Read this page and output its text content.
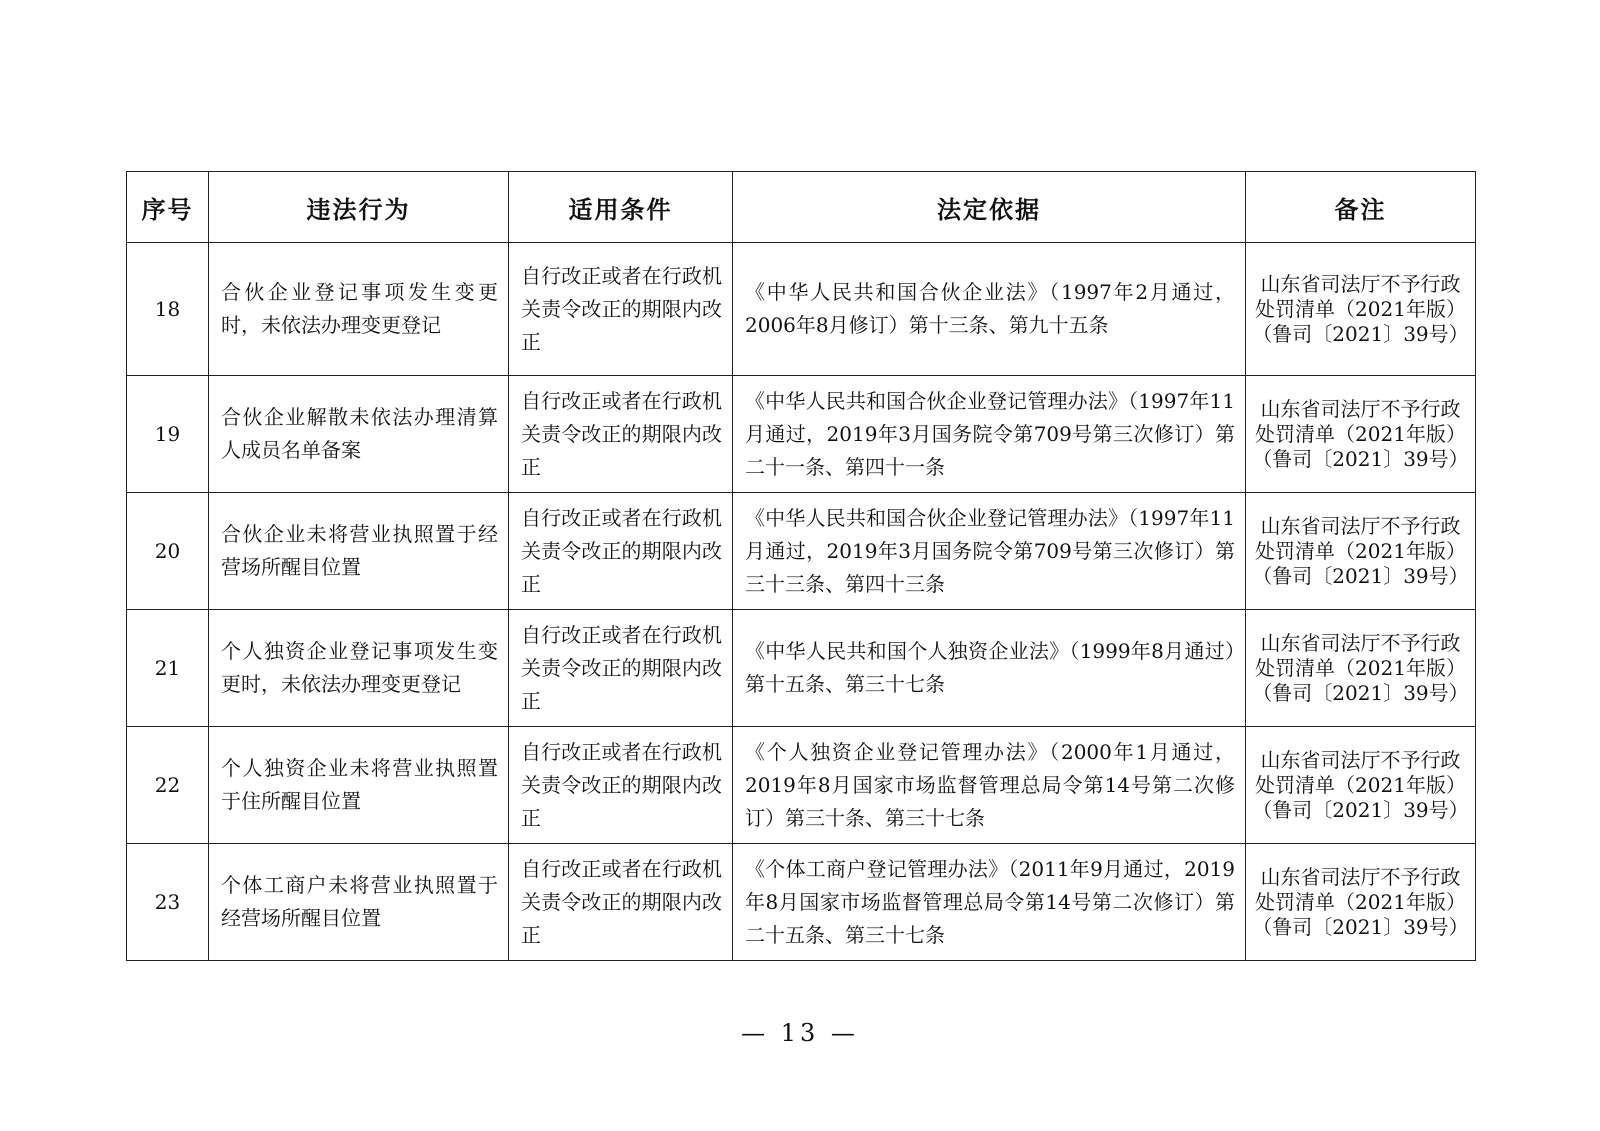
序号	违法行为	适用条件	法定依据	备注
18	合伙企业登记事项发生变更时，未依法办理变更登记	自行改正或者在行政机关责令改正的期限内改正	《中华人民共和国合伙企业法》（1997年2月通过，2006年8月修订）第十三条、第九十五条	山东省司法厅不予行政处罚清单（2021年版）（鲁司〔2021〕39号）
19	合伙企业解散未依法办理清算人成员名单备案	自行改正或者在行政机关责令改正的期限内改正	《中华人民共和国合伙企业登记管理办法》（1997年11月通过，2019年3月国务院令第709号第三次修订）第二十一条、第四十一条	山东省司法厅不予行政处罚清单（2021年版）（鲁司〔2021〕39号）
20	合伙企业未将营业执照置于经营场所醒目位置	自行改正或者在行政机关责令改正的期限内改正	《中华人民共和国合伙企业登记管理办法》（1997年11月通过，2019年3月国务院令第709号第三次修订）第三十三条、第四十三条	山东省司法厅不予行政处罚清单（2021年版）（鲁司〔2021〕39号）
21	个人独资企业登记事项发生变更时，未依法办理变更登记	自行改正或者在行政机关责令改正的期限内改正	《中华人民共和国个人独资企业法》（1999年8月通过）第十五条、第三十七条	山东省司法厅不予行政处罚清单（2021年版）（鲁司〔2021〕39号）
22	个人独资企业未将营业执照置于住所醒目位置	自行改正或者在行政机关责令改正的期限内改正	《个人独资企业登记管理办法》（2000年1月通过，2019年8月国家市场监督管理总局令第14号第二次修订）第三十条、第三十七条	山东省司法厅不予行政处罚清单（2021年版）（鲁司〔2021〕39号）
23	个体工商户未将营业执照置于经营场所醒目位置	自行改正或者在行政机关责令改正的期限内改正	《个体工商户登记管理办法》（2011年9月通过，2019年8月国家市场监督管理总局令第14号第二次修订）第二十五条、第三十七条	山东省司法厅不予行政处罚清单（2021年版）（鲁司〔2021〕39号）
— 13 —
